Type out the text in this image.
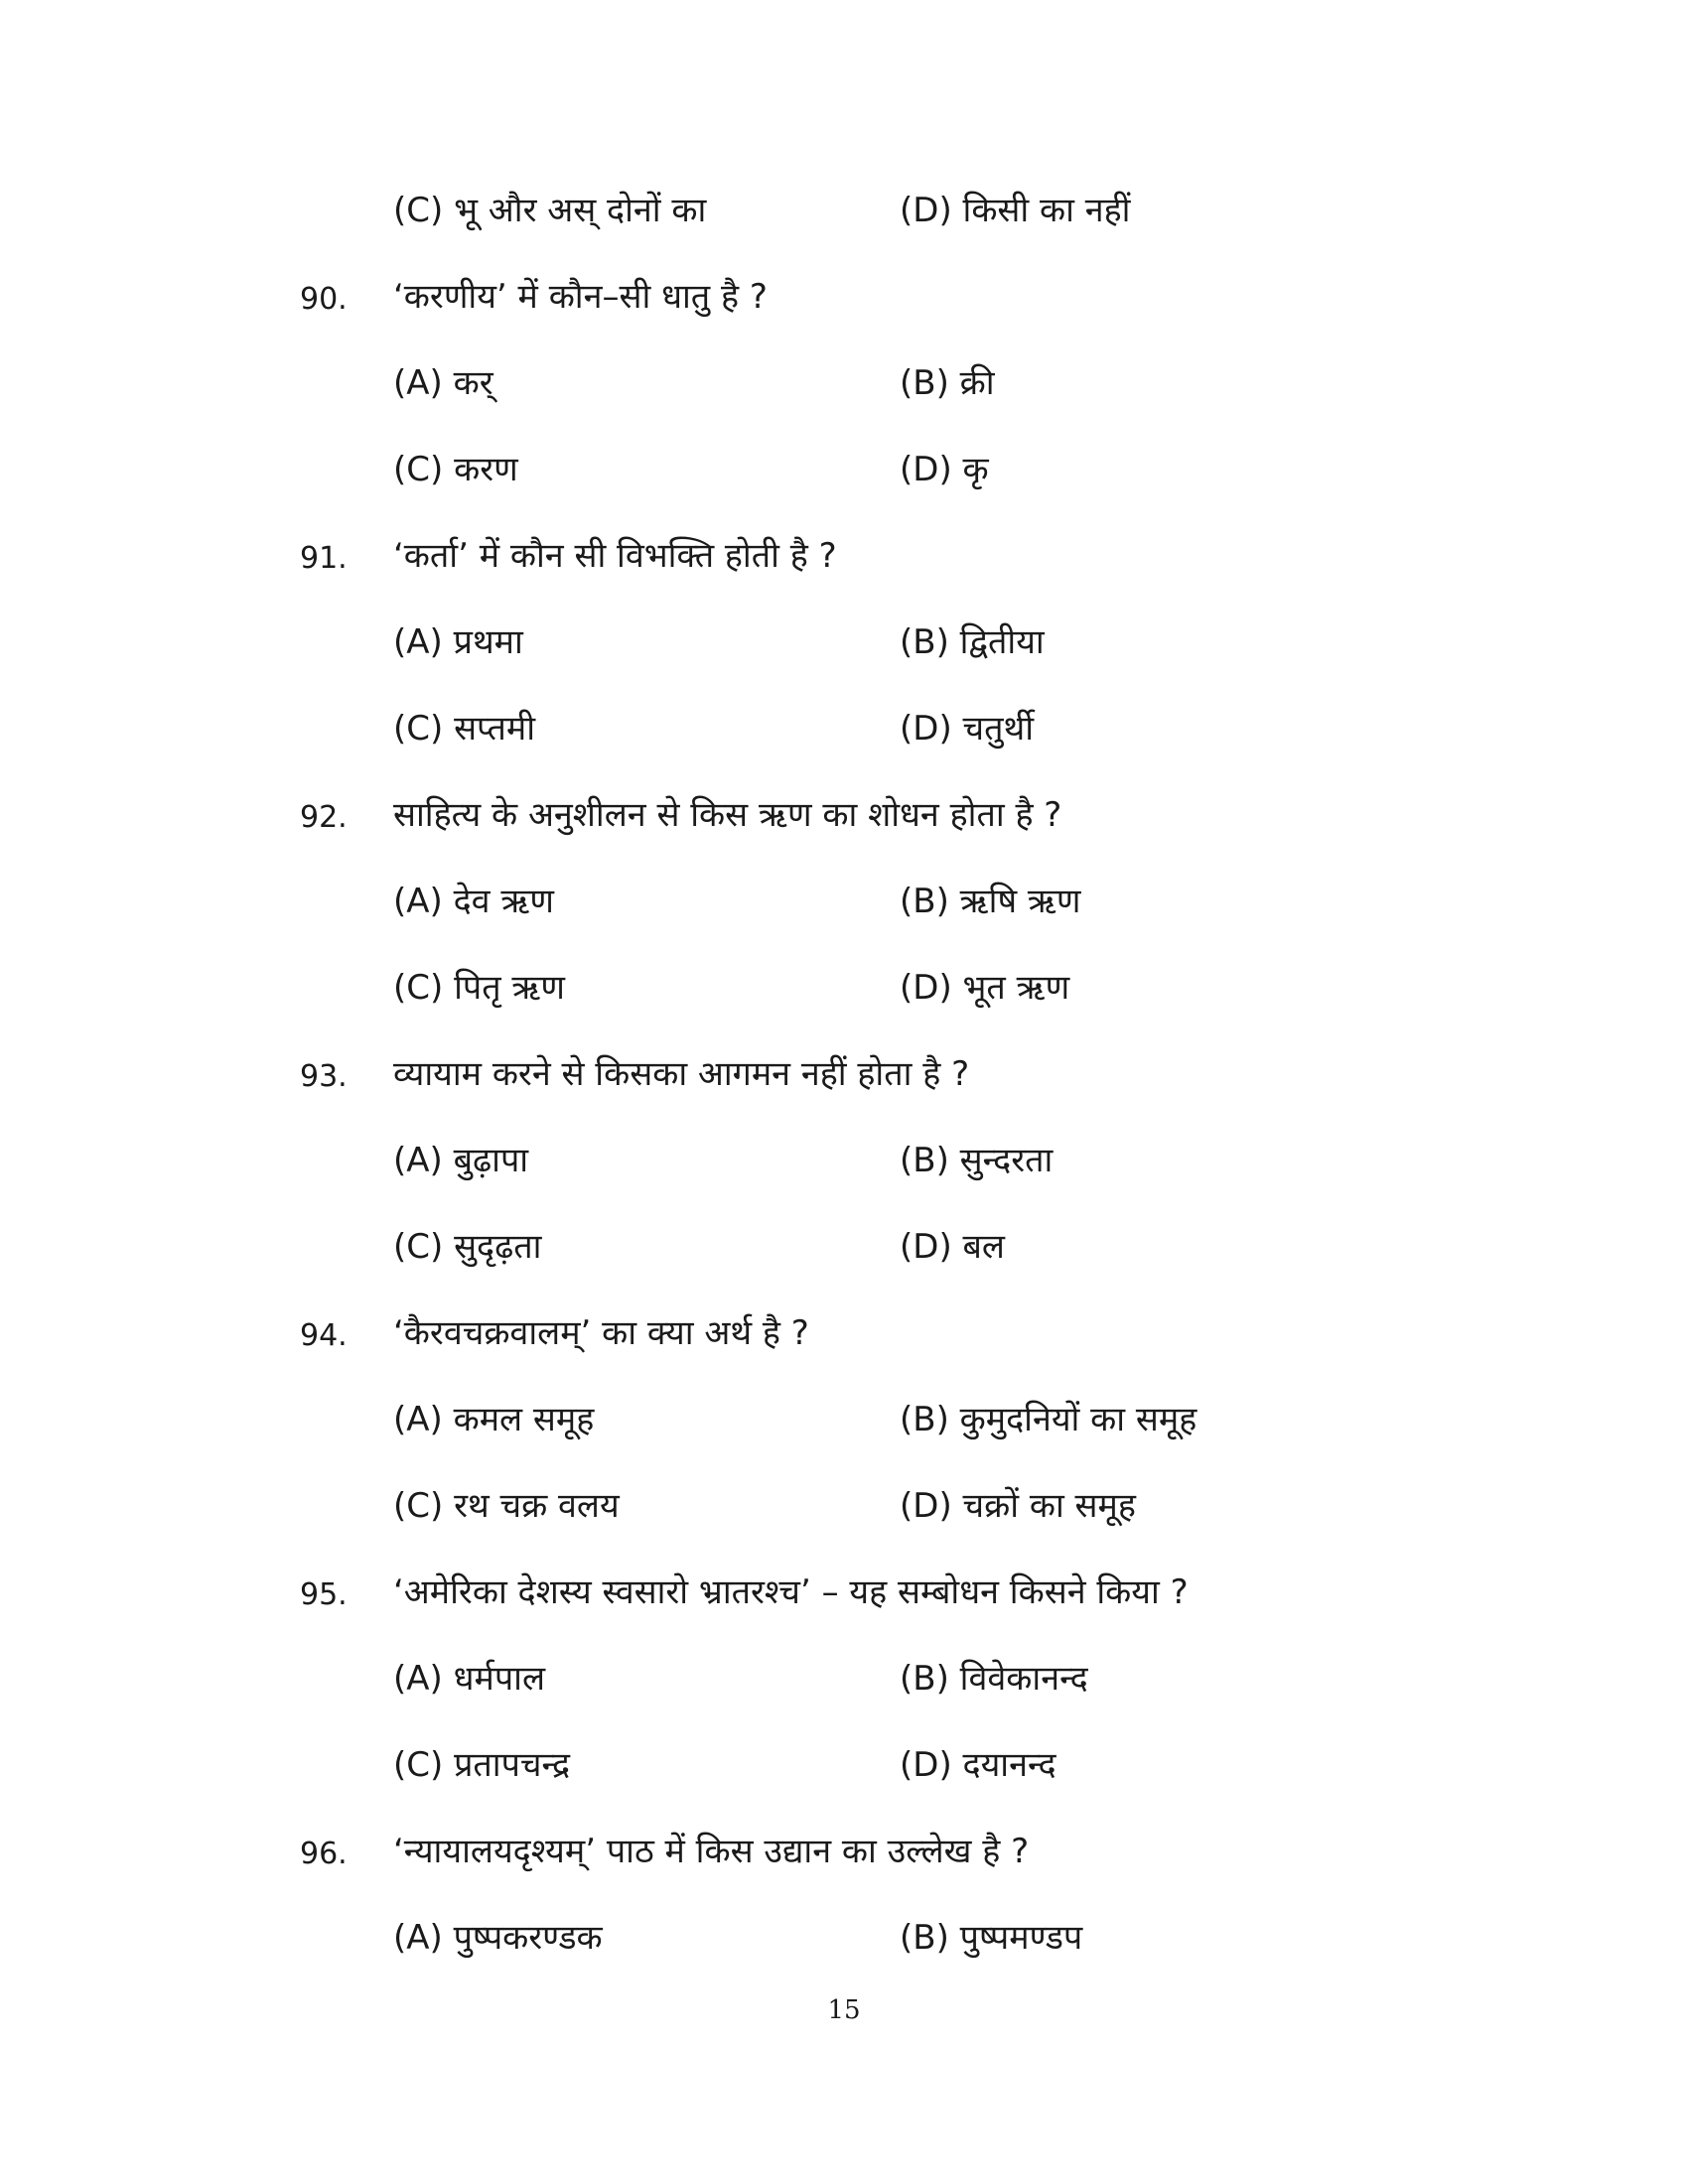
(C) भू और अस् दोनों का	(D) किसी का नहीं
90. ‘करणीय’ में कौन–सी धातु है ?
(A) कर्	(B) क्री
(C) करण	(D) कृ
91. ‘कर्ता’ में कौन सी विभक्ति होती है ?
(A) प्रथमा	(B) द्वितीया
(C) सप्तमी	(D) चतुर्थी
92. साहित्य के अनुशीलन से किस ऋण का शोधन होता है ?
(A) देव ऋण	(B) ऋषि ऋण
(C) पितृ ऋण	(D) भूत ऋण
93. व्यायाम करने से किसका आगमन नहीं होता है ?
(A) बुढ़ापा	(B) सुन्दरता
(C) सुदृढ़ता	(D) बल
94. ‘कैरवचक्रवालम्’ का क्या अर्थ है ?
(A) कमल समूह	(B) कुमुदनियों का समूह
(C) रथ चक्र वलय	(D) चक्रों का समूह
95. ‘अमेरिका देशस्य स्वसारो भ्रातरश्च’ – यह सम्बोधन किसने किया ?
(A) धर्मपाल	(B) विवेकानन्द
(C) प्रतापचन्द्र	(D) दयानन्द
96. ‘न्यायालयदृश्यम्’ पाठ में किस उद्यान का उल्लेख है ?
(A) पुष्पकरण्डक	(B) पुष्पमण्डप
15
